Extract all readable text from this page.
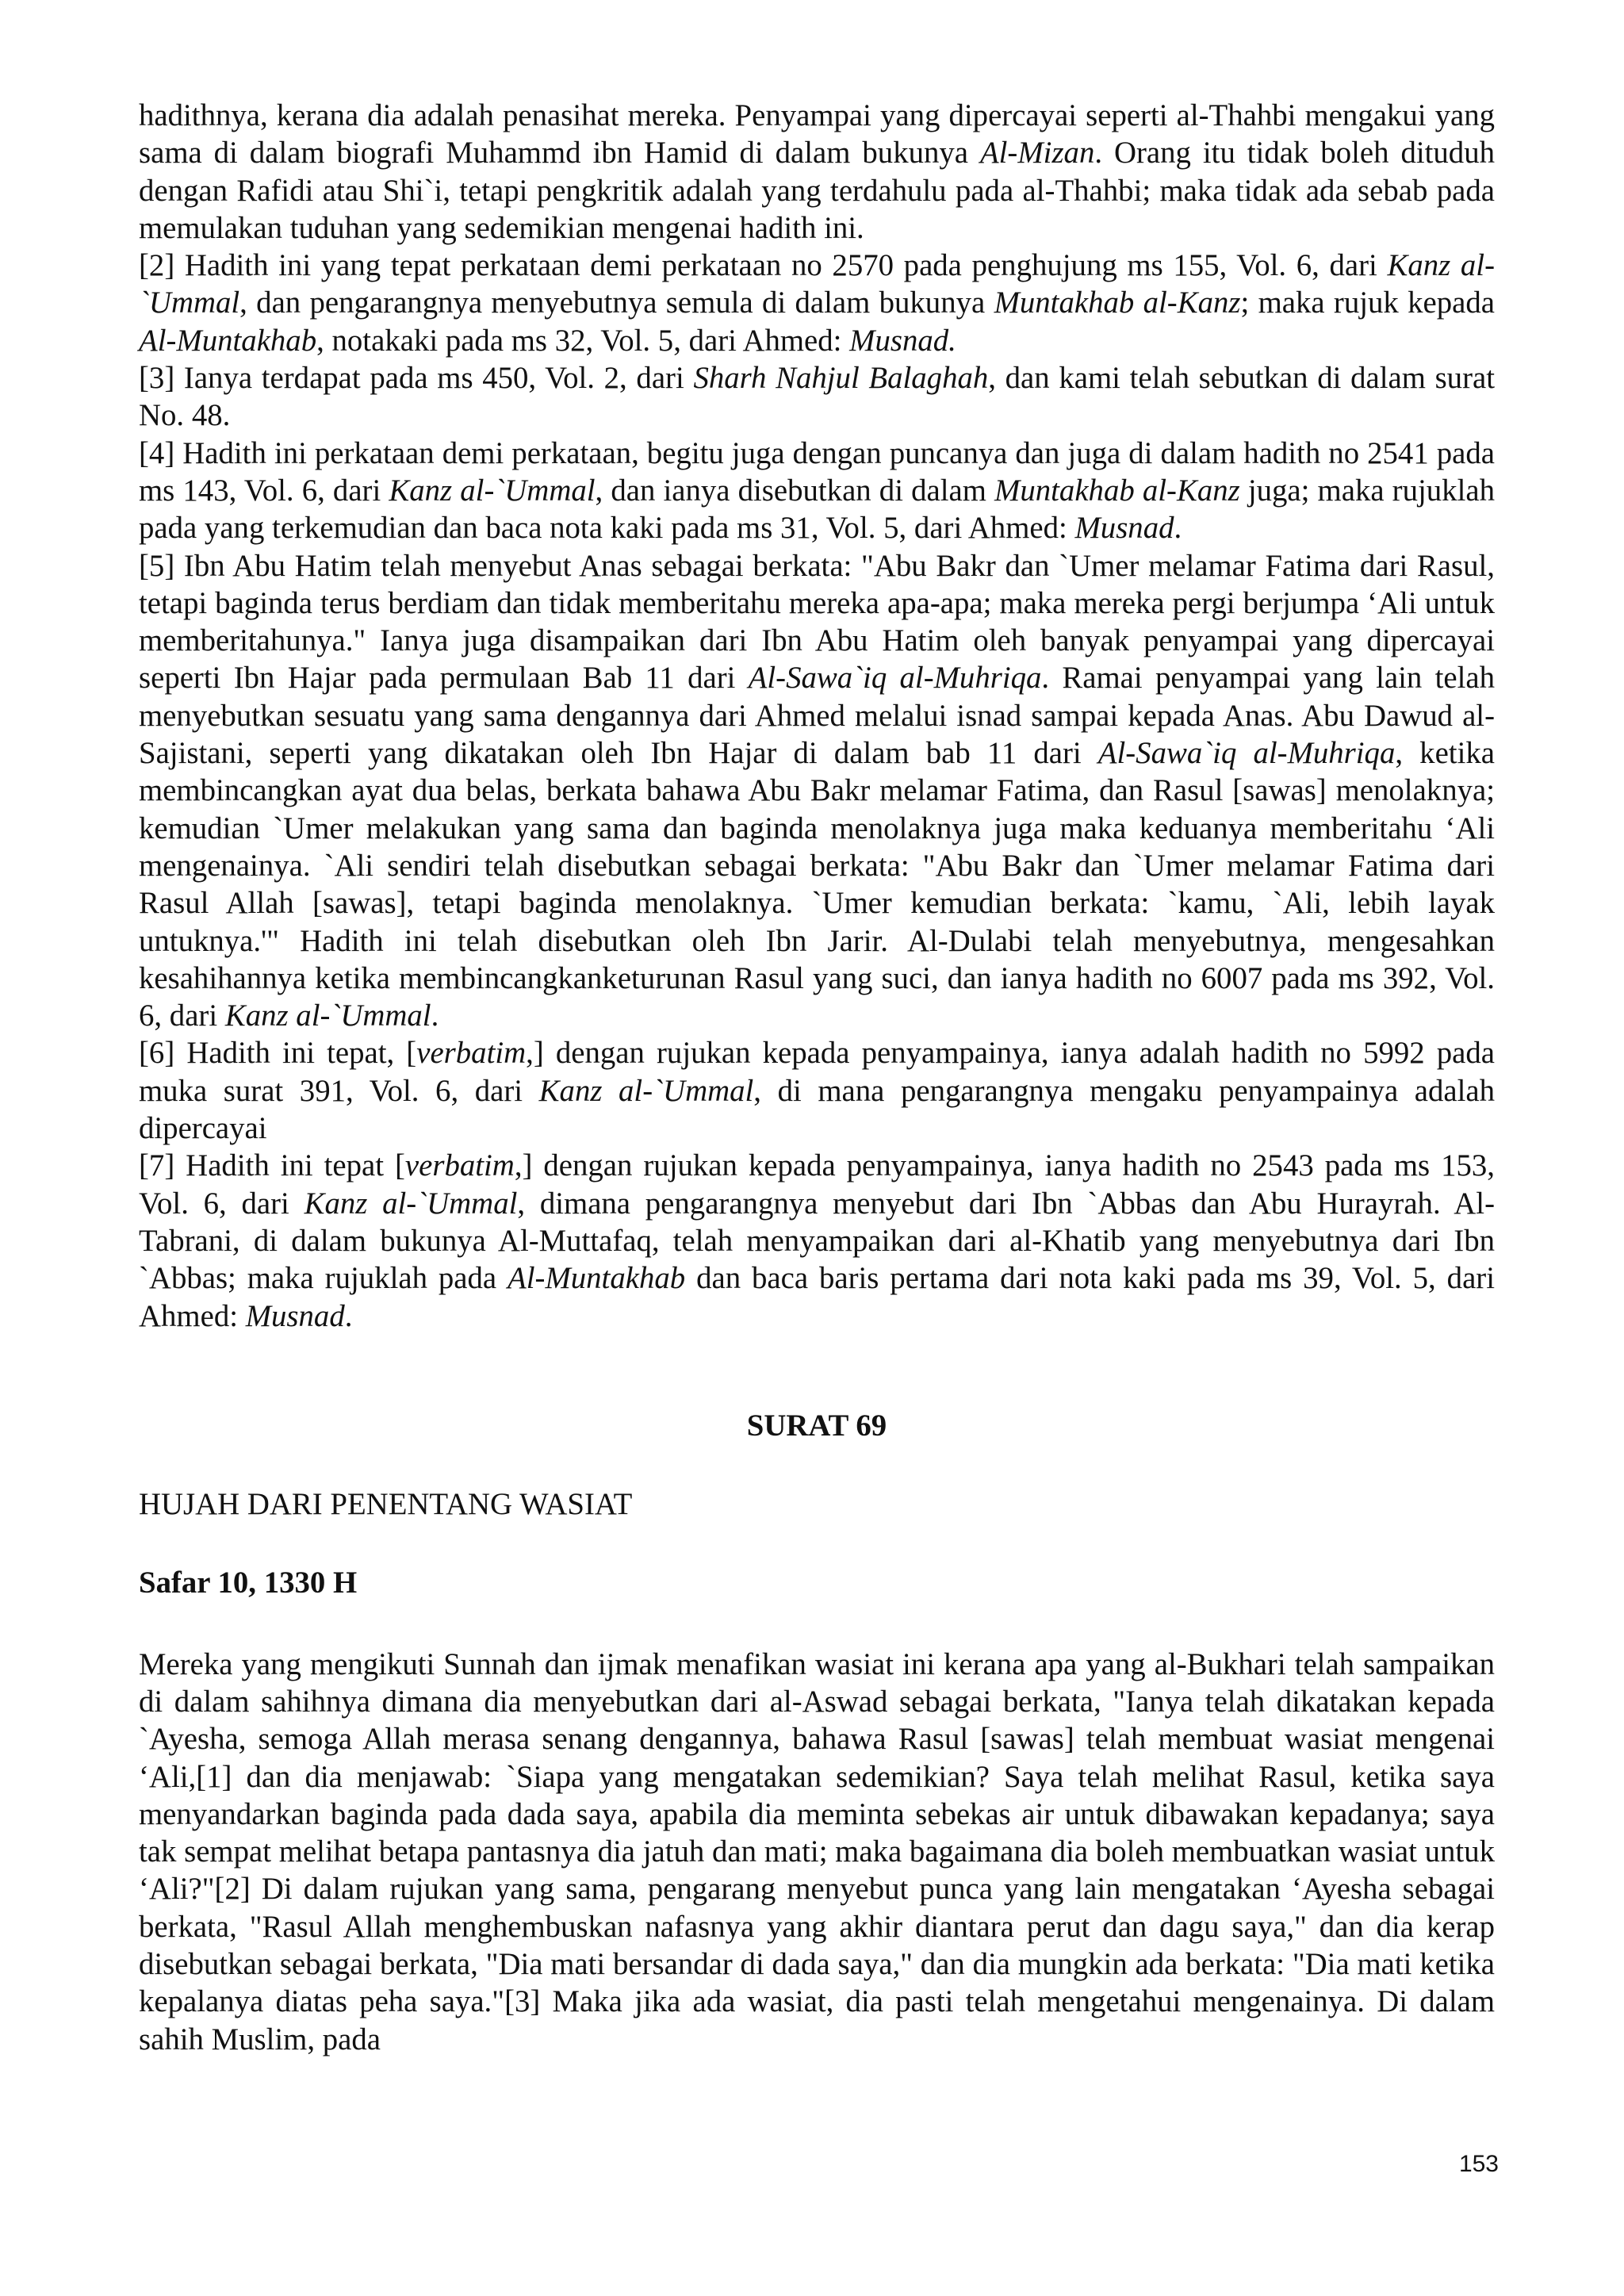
hadithnya, kerana dia adalah penasihat mereka. Penyampai yang dipercayai seperti al-Thahbi mengakui yang sama di dalam biografi Muhammd ibn Hamid di dalam bukunya Al-Mizan. Orang itu tidak boleh dituduh dengan Rafidi atau Shi`i, tetapi pengkritik adalah yang terdahulu pada al-Thahbi; maka tidak ada sebab pada memulakan tuduhan yang sedemikian mengenai hadith ini.

[2] Hadith ini yang tepat perkataan demi perkataan no 2570 pada penghujung ms 155, Vol. 6, dari Kanz al-`Ummal, dan pengarangnya menyebutnya semula di dalam bukunya Muntakhab al-Kanz; maka rujuk kepada Al-Muntakhab, notakaki pada ms 32, Vol. 5, dari Ahmed: Musnad.

[3] Ianya terdapat pada ms 450, Vol. 2, dari Sharh Nahjul Balaghah, dan kami telah sebutkan di dalam surat No. 48.

[4] Hadith ini perkataan demi perkataan, begitu juga dengan puncanya dan juga di dalam hadith no 2541 pada ms 143, Vol. 6, dari Kanz al-`Ummal, dan ianya disebutkan di dalam Muntakhab al-Kanz juga; maka rujuklah pada yang terkemudian dan baca nota kaki pada ms 31, Vol. 5, dari Ahmed: Musnad.

[5] Ibn Abu Hatim telah menyebut Anas sebagai berkata: "Abu Bakr dan `Umer melamar Fatima dari Rasul, tetapi baginda terus berdiam dan tidak memberitahu mereka apa-apa; maka mereka pergi berjumpa ‘Ali untuk memberitahunya." Ianya juga disampaikan dari Ibn Abu Hatim oleh banyak penyampai yang dipercayai seperti Ibn Hajar pada permulaan Bab 11 dari Al-Sawa`iq al-Muhriqa. Ramai penyampai yang lain telah menyebutkan sesuatu yang sama dengannya dari Ahmed melalui isnad sampai kepada Anas. Abu Dawud al-Sajistani, seperti yang dikatakan oleh Ibn Hajar di dalam bab 11 dari Al-Sawa`iq al-Muhriqa, ketika membincangkan ayat dua belas, berkata bahawa Abu Bakr melamar Fatima, dan Rasul [sawas] menolaknya; kemudian `Umer melakukan yang sama dan baginda menolaknya juga maka keduanya memberitahu ‘Ali mengenainya. `Ali sendiri telah disebutkan sebagai berkata: "Abu Bakr dan `Umer melamar Fatima dari Rasul Allah [sawas], tetapi baginda menolaknya. `Umer kemudian berkata: `kamu, `Ali, lebih layak untuknya.'" Hadith ini telah disebutkan oleh Ibn Jarir. Al-Dulabi telah menyebutnya, mengesahkan kesahihannya ketika membincangkanketurunan Rasul yang suci, dan ianya hadith no 6007 pada ms 392, Vol. 6, dari Kanz al-`Ummal.

[6] Hadith ini tepat, [verbatim,] dengan rujukan kepada penyampainya, ianya adalah hadith no 5992 pada muka surat 391, Vol. 6, dari Kanz al-`Ummal, di mana pengarangnya mengaku penyampainya adalah dipercayai

[7] Hadith ini tepat [verbatim,] dengan rujukan kepada penyampainya, ianya hadith no 2543 pada ms 153, Vol. 6, dari Kanz al-`Ummal, dimana pengarangnya menyebut dari Ibn `Abbas dan Abu Hurayrah. Al-Tabrani, di dalam bukunya Al-Muttafaq, telah menyampaikan dari al-Khatib yang menyebutnya dari Ibn `Abbas; maka rujuklah pada Al-Muntakhab dan baca baris pertama dari nota kaki pada ms 39, Vol. 5, dari Ahmed: Musnad.

SURAT 69

HUJAH DARI PENENTANG WASIAT

Safar 10, 1330 H

Mereka yang mengikuti Sunnah dan ijmak menafikan wasiat ini kerana apa yang al-Bukhari telah sampaikan di dalam sahihnya dimana dia menyebutkan dari al-Aswad sebagai berkata, "Ianya telah dikatakan kepada `Ayesha, semoga Allah merasa senang dengannya, bahawa Rasul [sawas] telah membuat wasiat mengenai ‘Ali,[1] dan dia menjawab: `Siapa yang mengatakan sedemikian? Saya telah melihat Rasul, ketika saya menyandarkan baginda pada dada saya, apabila dia meminta sebekas air untuk dibawakan kepadanya; saya tak sempat melihat betapa pantasnya dia jatuh dan mati; maka bagaimana dia boleh membuatkan wasiat untuk ‘Ali?"[2] Di dalam rujukan yang sama, pengarang menyebut punca yang lain mengatakan ‘Ayesha sebagai berkata, "Rasul Allah menghembuskan nafasnya yang akhir diantara perut dan dagu saya," dan dia kerap disebutkan sebagai berkata, "Dia mati bersandar di dada saya," dan dia mungkin ada berkata: "Dia mati ketika kepalanya diatas peha saya."[3] Maka jika ada wasiat, dia pasti telah mengetahui mengenainya. Di dalam sahih Muslim, pada

153
